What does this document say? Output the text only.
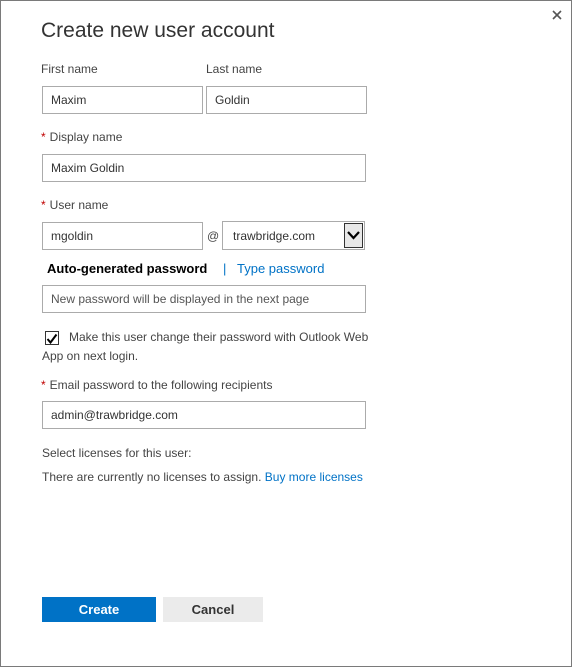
Create new user account
First name	Last name
Maxim
Goldin
* Display name
Maxim Goldin
* User name
mgoldin
@ trawbridge.com
Auto-generated password | Type password
New password will be displayed in the next page
Make this user change their password with Outlook Web App on next login.
* Email password to the following recipients
admin@trawbridge.com
Select licenses for this user:
There are currently no licenses to assign. Buy more licenses
Create	Cancel
